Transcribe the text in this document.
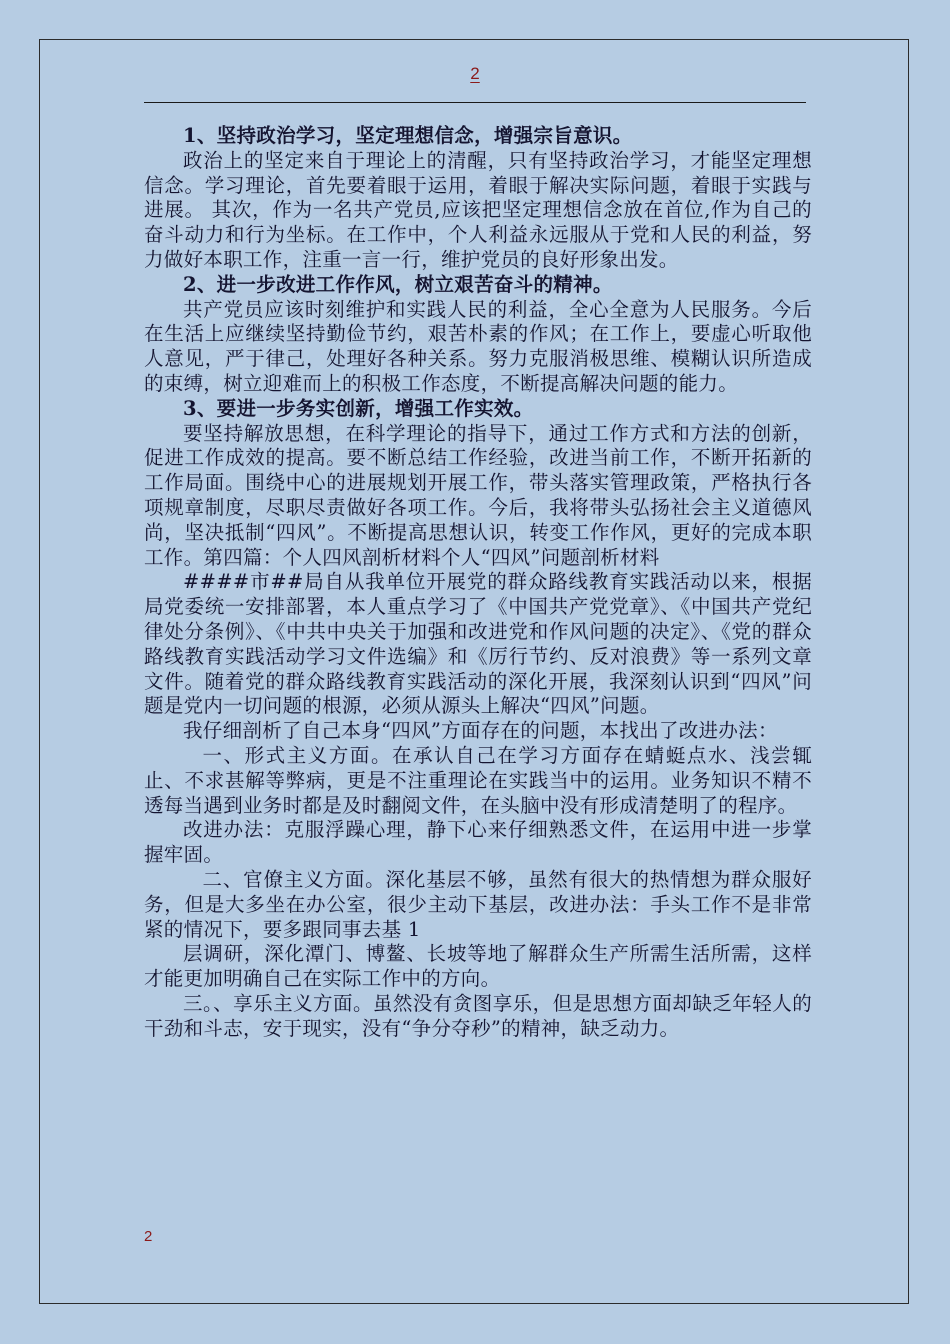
2

1、坚持政治学习，坚定理想信念，增强宗旨意识。

政治上的坚定来自于理论上的清醒，只有坚持政治学习，才能坚定理想信念。学习理论，首先要着眼于运用，着眼于解决实际问题，着眼于实践与进展。 其次，作为一名共产党员,应该把坚定理想信念放在首位,作为自己的奋斗动力和行为坐标。在工作中，个人利益永远服从于党和人民的利益，努力做好本职工作，注重一言一行，维护党员的良好形象出发。

2、进一步改进工作作风，树立艰苦奋斗的精神。

共产党员应该时刻维护和实践人民的利益，全心全意为人民服务。今后在生活上应继续坚持勤俭节约，艰苦朴素的作风；在工作上，要虚心听取他人意见，严于律己，处理好各种关系。努力克服消极思维、模糊认识所造成的束缚，树立迎难而上的积极工作态度，不断提高解决问题的能力。

3、要进一步务实创新，增强工作实效。

要坚持解放思想，在科学理论的指导下，通过工作方式和方法的创新，促进工作成效的提高。要不断总结工作经验，改进当前工作，不断开拓新的工作局面。围绕中心的进展规划开展工作，带头落实管理政策，严格执行各项规章制度，尽职尽责做好各项工作。今后，我将带头弘扬社会主义道德风尚，坚决抵制“四风”。不断提高思想认识，转变工作作风，更好的完成本职工作。第四篇：个人四风剖析材料个人“四风”问题剖析材料

####市##局自从我单位开展党的群众路线教育实践活动以来，根据局党委统一安排部署，本人重点学习了《中国共产党党章》、《中国共产党纪律处分条例》、《中共中央关于加强和改进党和作风问题的决定》、《党的群众路线教育实践活动学习文件选编》和《厉行节约、反对浪费》等一系列文章文件。随着党的群众路线教育实践活动的深化开展，我深刻认识到“四风”问题是党内一切问题的根源，必须从源头上解决“四风”问题。

我仔细剖析了自己本身“四风”方面存在的问题，本找出了改进办法：

一、形式主义方面。在承认自己在学习方面存在蜻蜓点水、浅尝辄止、不求甚解等弊病，更是不注重理论在实践当中的运用。业务知识不精不透每当遇到业务时都是及时翻阅文件，在头脑中没有形成清楚明了的程序。

改进办法：克服浮躁心理，静下心来仔细熟悉文件，在运用中进一步掌握牢固。

二、官僚主义方面。深化基层不够，虽然有很大的热情想为群众服好务，但是大多坐在办公室，很少主动下基层，改进办法：手头工作不是非常紧的情况下，要多跟同事去基 1

层调研，深化潭门、博鳌、长坡等地了解群众生产所需生活所需，这样才能更加明确自己在实际工作中的方向。

三。、享乐主义方面。虽然没有贪图享乐，但是思想方面却缺乏年轻人的干劲和斗志，安于现实，没有“争分夺秒”的精神，缺乏动力。

2
